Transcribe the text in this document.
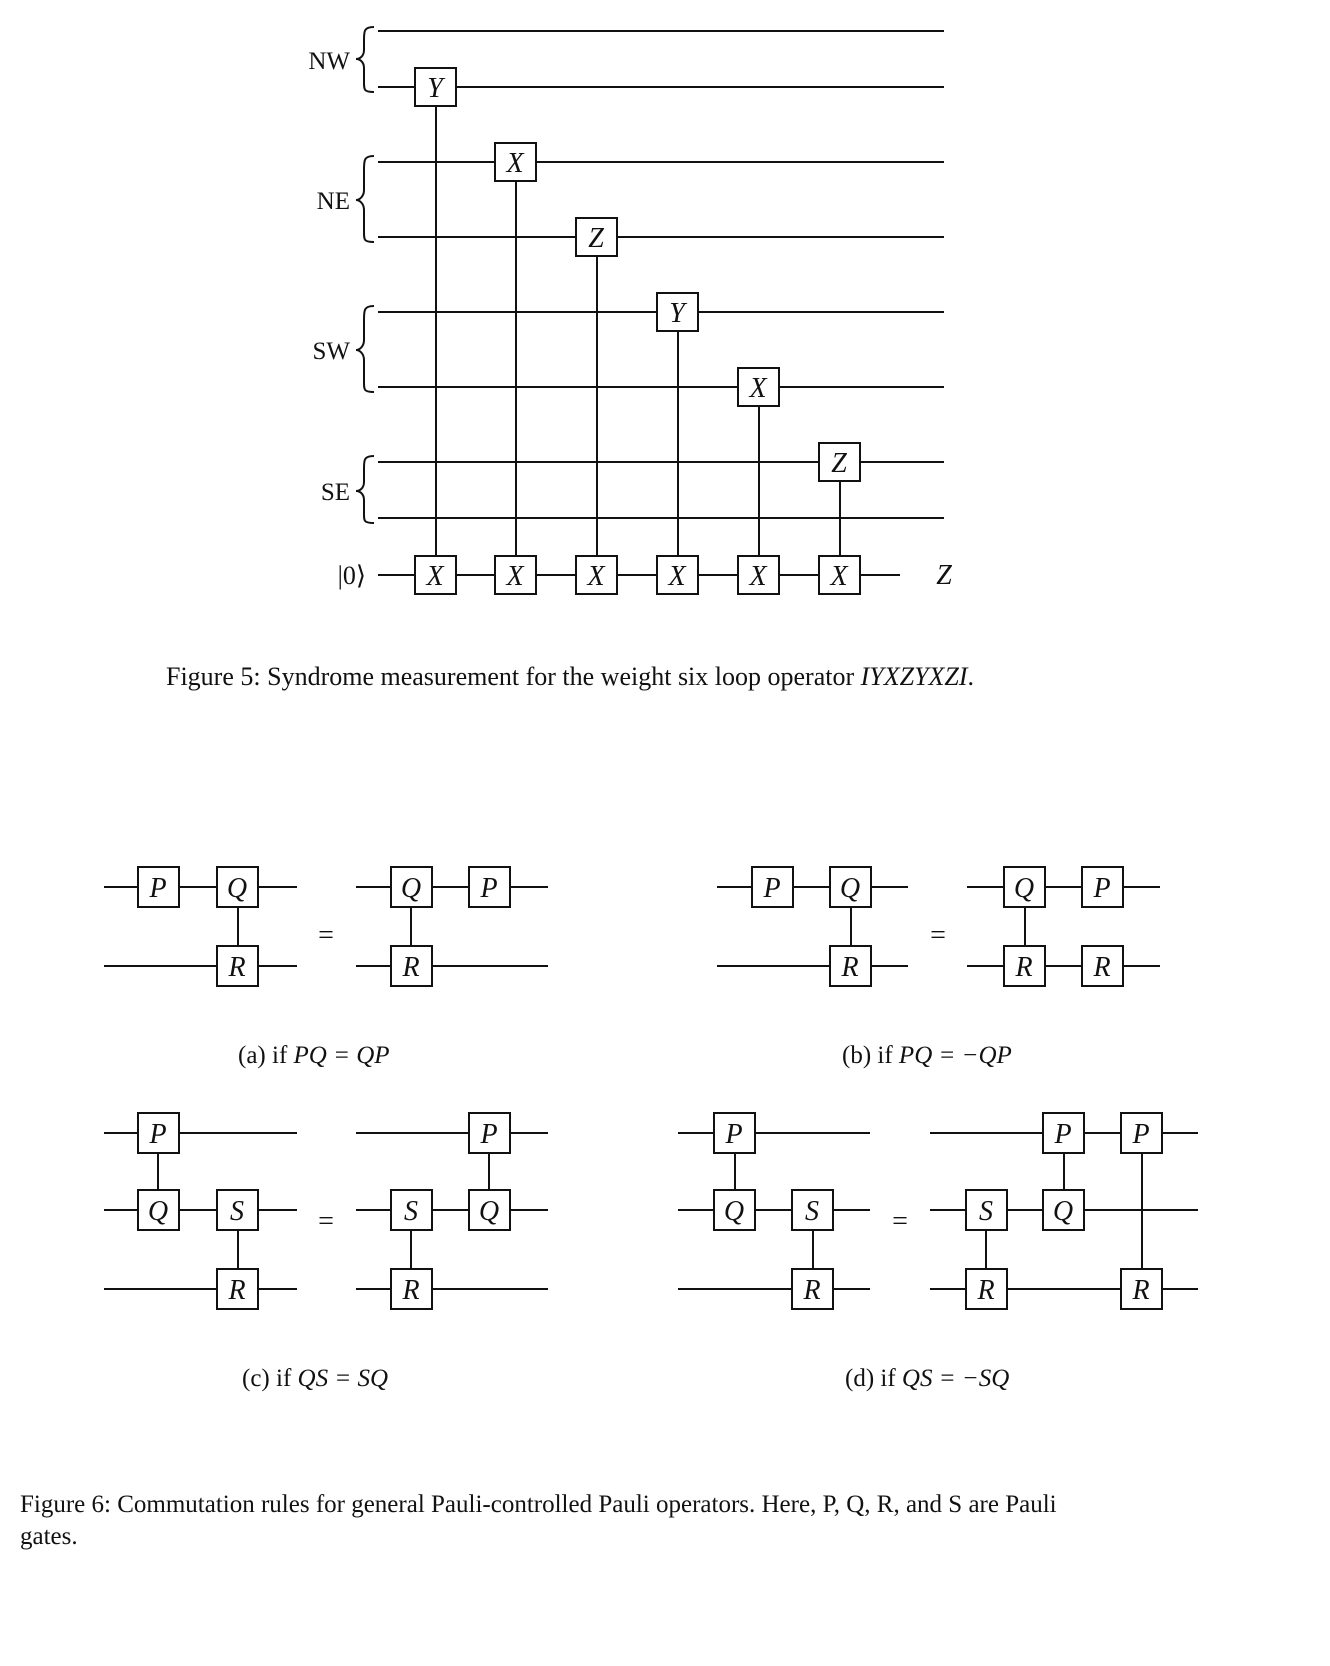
NW
NE
SW
SE
|0⟩	Z
Y
X
Z
Y
X
Z
X X X X X X
Figure 5: Syndrome measurement for the weight six loop operator IYXZYXZI.
P Q
R
=
Q P
R
P Q
R
=
Q P
R R
P
Q S
R
=
P
S Q
R
P
Q S
R
=	S
R
P
Q
P
R
(a) if PQ = QP	(b) if PQ = −QP
(c) if QS = SQ	(d) if QS = −SQ
Figure 6: Commutation rules for general Pauli-controlled Pauli operators. Here, P, Q, R, and S are Pauli
gates.
